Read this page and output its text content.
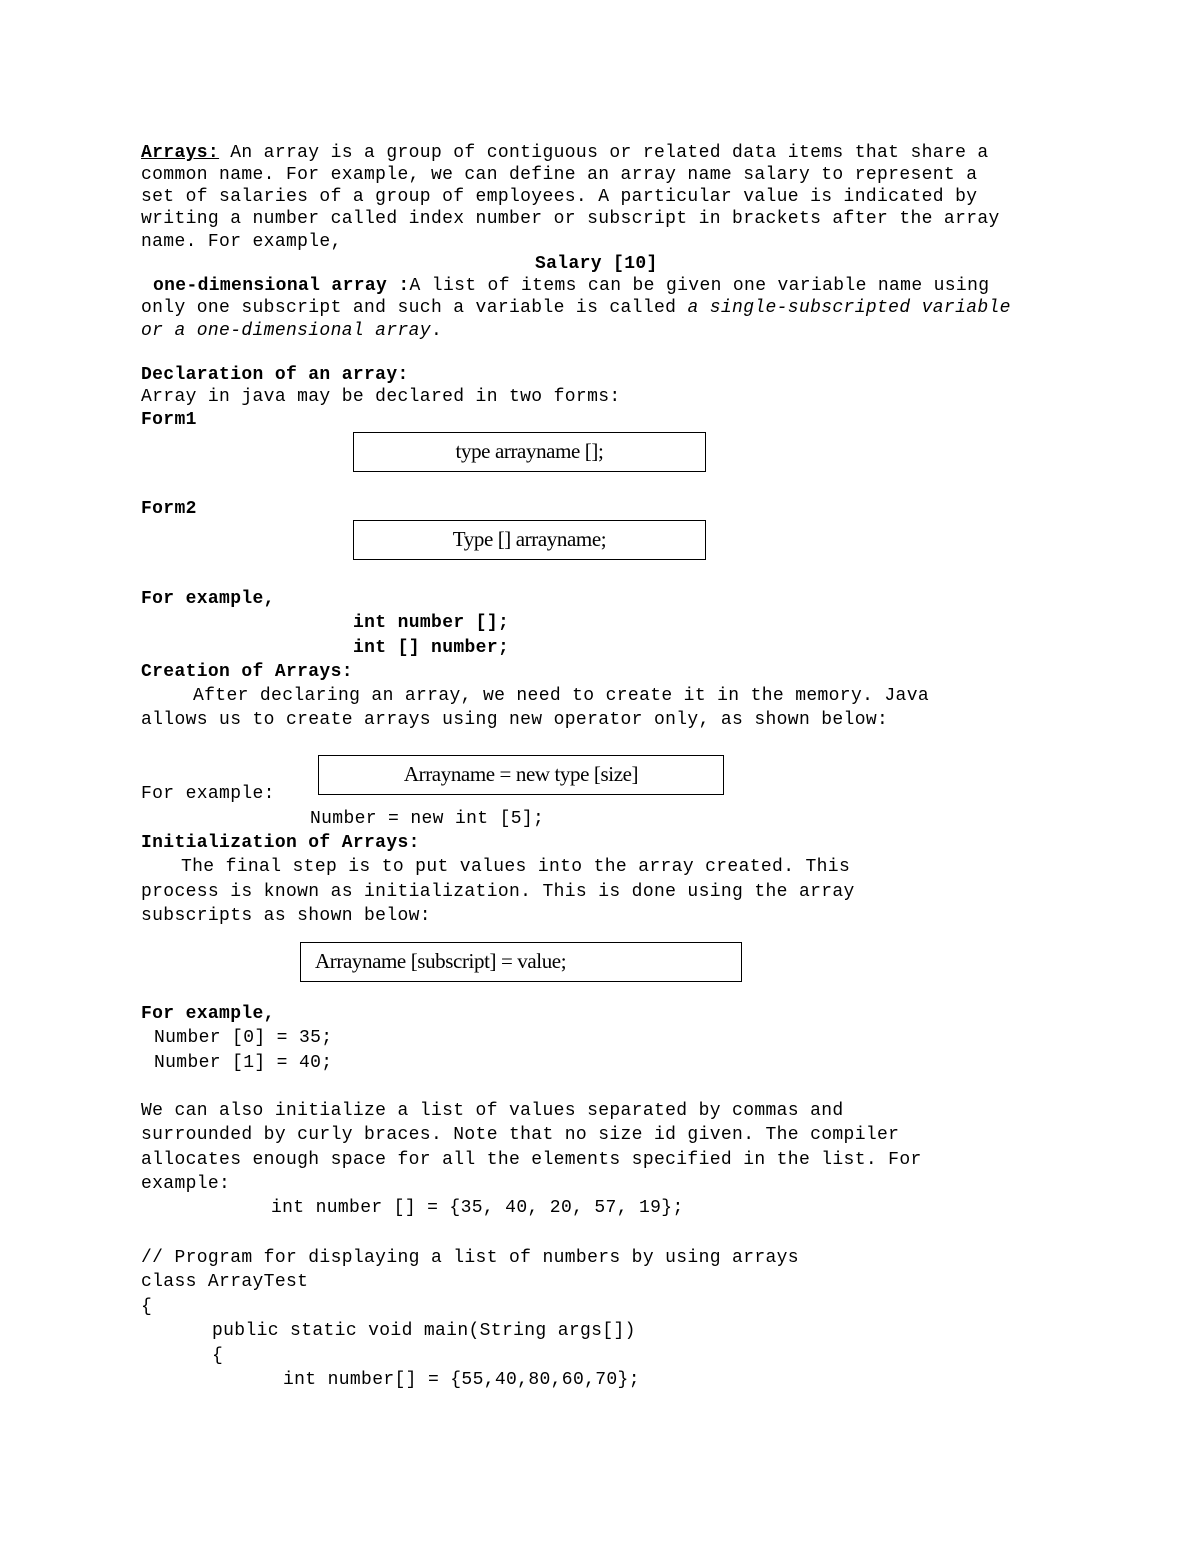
Arrays: An array is a group of contiguous or related data items that share a
common name. For example, we can define an array name salary to represent a
set of salaries of a group of employees. A particular value is indicated by
writing a number called index number or subscript in brackets after the array
name. For example,
Salary [10]
one-dimensional array :A list of items can be given one variable name using
only one subscript and such a variable is called a single-subscripted variable
or a one-dimensional array.
Declaration of an array:
Array in java may be declared in two forms:
Form1
type arrayname [];
Form2
Type [] arrayname;
For example,
int number [];
int [] number;
Creation of Arrays:
After declaring an array, we need to create it in the memory. Java
allows us to create arrays using new operator only, as shown below:
Arrayname = new type [size]
For example:
Number = new int [5];
Initialization of Arrays:
The final step is to put values into the array created. This
process is known as initialization. This is done using the array
subscripts as shown below:
Arrayname [subscript] = value;
For example,
Number [0] = 35;
Number [1] = 40;
We can also initialize a list of values separated by commas and
surrounded by curly braces. Note that no size id given. The compiler
allocates enough space for all the elements specified in the list. For
example:
int number [] = {35, 40, 20, 57, 19};
// Program for displaying a list of numbers by using arrays
class ArrayTest
{
public static void main(String args[])
{
int number[] = {55,40,80,60,70};
